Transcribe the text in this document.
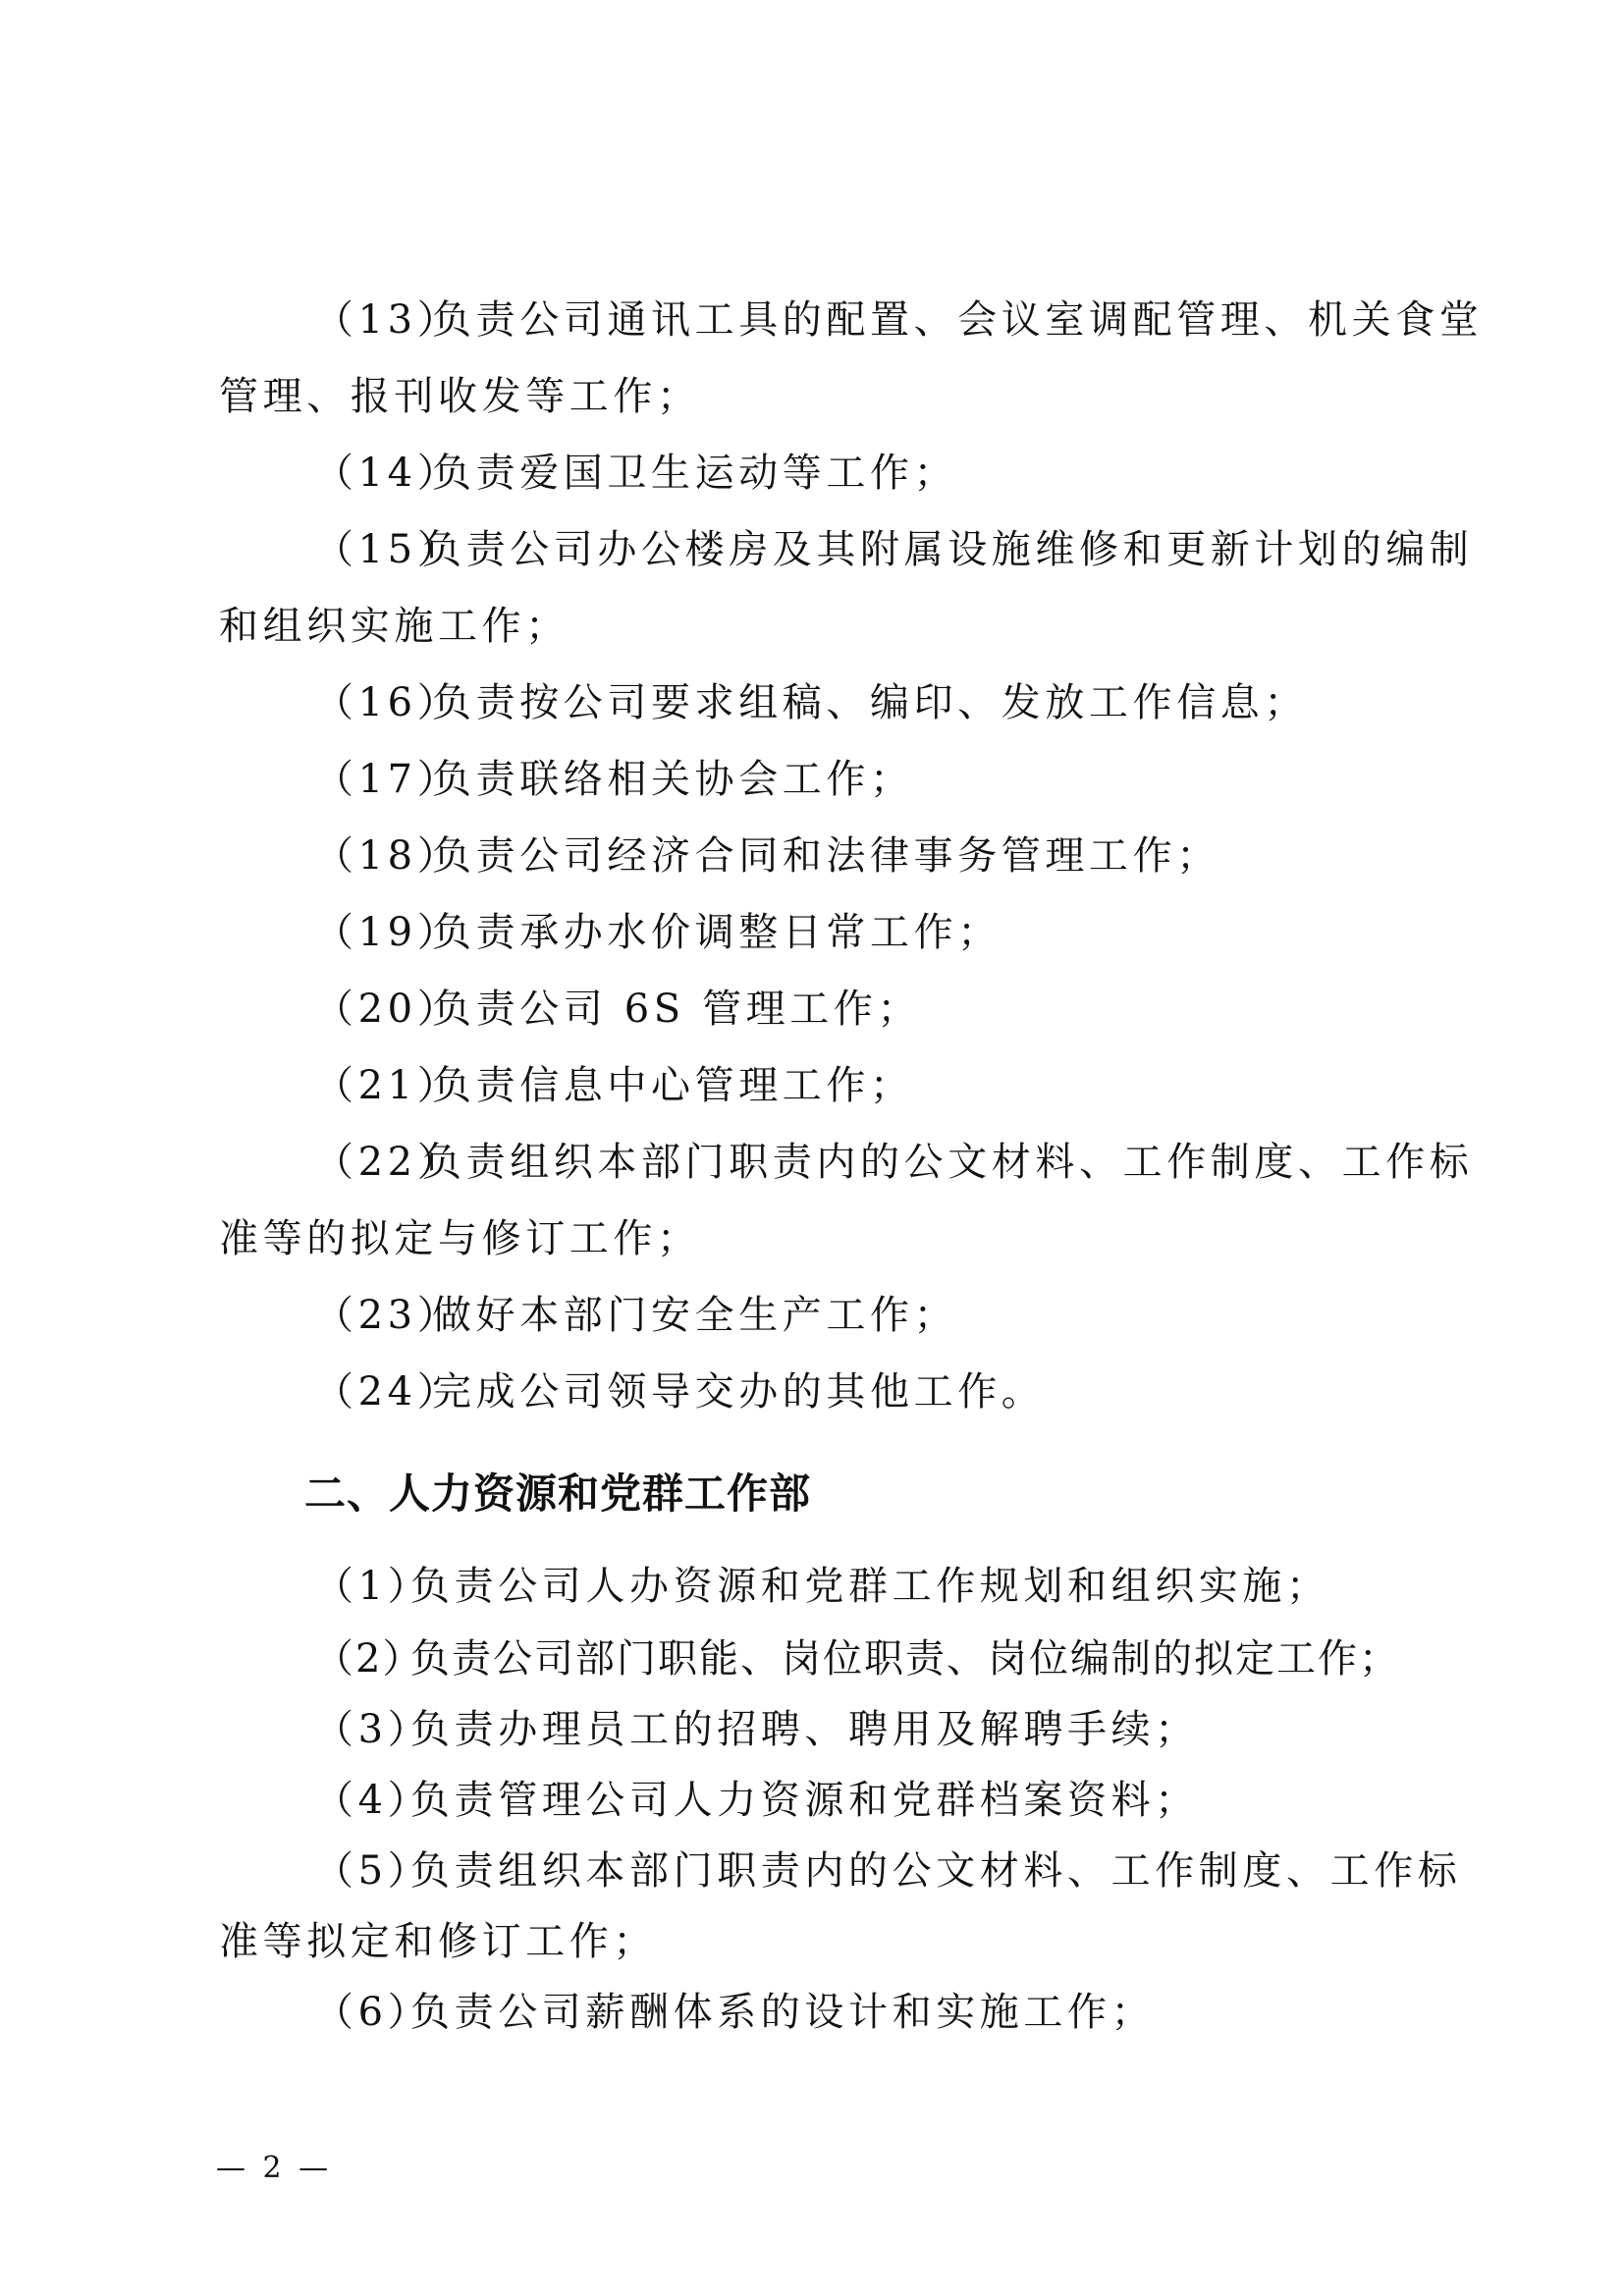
（13）
负责公司通讯工具的配置、会议室调配管理、机关食堂
管理、报刊收发等工作；
（14）
负责爱国卫生运动等工作；
（15）
负责公司办公楼房及其附属设施维修和更新计划的编制
和组织实施工作；
（16）
负责按公司要求组稿、编印、发放工作信息；
（17）
负责联络相关协会工作；
（18）
负责公司经济合同和法律事务管理工作；
（19）
负责承办水价调整日常工作；
（20）
负责公司 6S 管理工作；
（21）
负责信息中心管理工作；
（22）
负责组织本部门职责内的公文材料、工作制度、工作标
准等的拟定与修订工作；
（23）
做好本部门安全生产工作；
（24）
完成公司领导交办的其他工作。
二、人力资源和党群工作部
（1）
负责公司人办资源和党群工作规划和组织实施；
（2）
负责公司部门职能、岗位职责、岗位编制的拟定工作；
（3）
负责办理员工的招聘、聘用及解聘手续；
（4）
负责管理公司人力资源和党群档案资料；
（5）
负责组织本部门职责内的公文材料、工作制度、工作标
准等拟定和修订工作；
（6）
负责公司薪酬体系的设计和实施工作；
— 2 —
